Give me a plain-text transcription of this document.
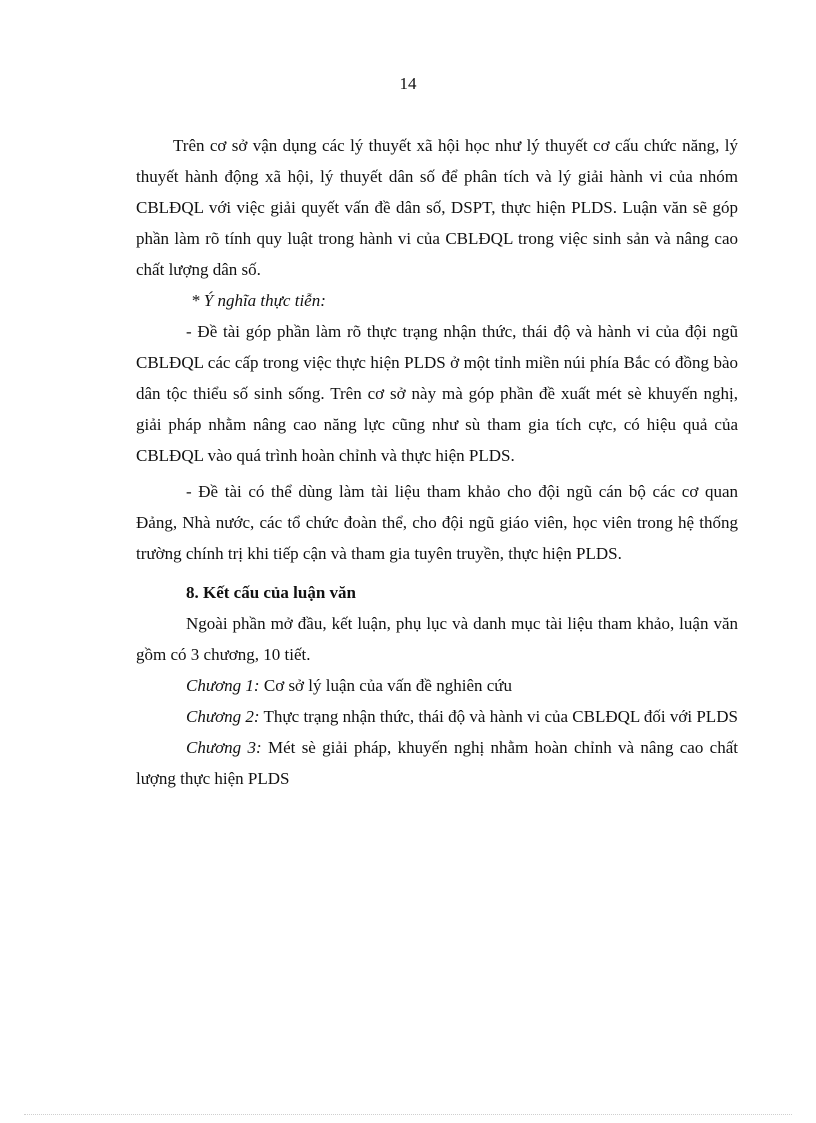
14

Trên cơ sở vận dụng các lý thuyết xã hội học như lý thuyết cơ cấu chức năng, lý thuyết hành động xã hội, lý thuyết dân số để phân tích và lý giải hành vi của nhóm CBLĐQL với việc giải quyết vấn đề dân số, DSPT, thực hiện PLDS. Luận văn sẽ góp phần làm rõ tính quy luật trong hành vi của CBLĐQL trong việc sinh sản và nâng cao chất lượng dân số.

* Ý nghĩa thực tiễn:

- Đề tài góp phần làm rõ thực trạng nhận thức, thái độ và hành vi của đội ngũ CBLĐQL các cấp trong việc thực hiện PLDS ở một tỉnh miền núi phía Bắc có đồng bào dân tộc thiểu số sinh sống. Trên cơ sở này mà góp phần đề xuất mét sè khuyến nghị, giải pháp nhằm nâng cao năng lực cũng như sù tham gia tích cực, có hiệu quả của CBLĐQL vào quá trình hoàn chỉnh và thực hiện PLDS.

- Đề tài có thể dùng làm tài liệu tham khảo cho đội ngũ cán bộ các cơ quan Đảng, Nhà nước, các tổ chức đoàn thể, cho đội ngũ giáo viên, học viên trong hệ thống trường chính trị khi tiếp cận và tham gia tuyên truyền, thực hiện PLDS.

8. Kết cấu của luận văn

Ngoài phần mở đầu, kết luận, phụ lục và danh mục tài liệu tham khảo, luận văn gồm có 3 chương, 10 tiết.

Chương 1: Cơ sở lý luận của vấn đề nghiên cứu

Chương 2: Thực trạng nhận thức, thái độ và hành vi của CBLĐQL đối với PLDS

Chương 3: Mét sè giải pháp, khuyến nghị nhằm hoàn chỉnh và nâng cao chất lượng thực hiện PLDS
